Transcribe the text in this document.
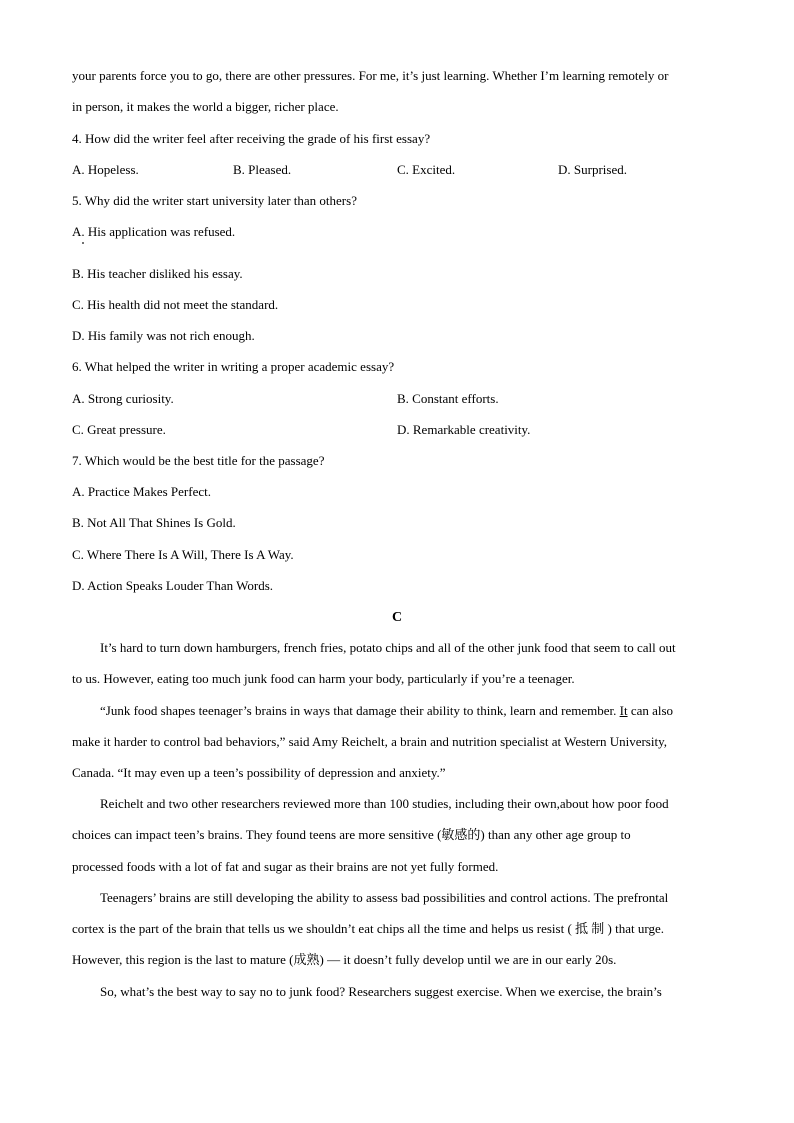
your parents force you to go, there are other pressures. For me, it’s just learning. Whether I’m learning remotely or
in person, it makes the world a bigger, richer place.
4. How did the writer feel after receiving the grade of his first essay?
A. Hopeless.	B. Pleased.	C. Excited.	D. Surprised.
5. Why did the writer start university later than others?
A. His application was refused.
B. His teacher disliked his essay.
C. His health did not meet the standard.
D. His family was not rich enough.
6. What helped the writer in writing a proper academic essay?
A. Strong curiosity.	B. Constant efforts.
C. Great pressure.	D. Remarkable creativity.
7. Which would be the best title for the passage?
A. Practice Makes Perfect.
B. Not All That Shines Is Gold.
C. Where There Is A Will, There Is A Way.
D. Action Speaks Louder Than Words.
C
It’s hard to turn down hamburgers, french fries, potato chips and all of the other junk food that seem to call out
to us. However, eating too much junk food can harm your body, particularly if you’re a teenager.
“Junk food shapes teenager’s brains in ways that damage their ability to think, learn and remember. It can also
make it harder to control bad behaviors,” said Amy Reichelt, a brain and nutrition specialist at Western University,
Canada. “It may even up a teen’s possibility of depression and anxiety.”
Reichelt and two other researchers reviewed more than 100 studies, including their own,about how poor food
choices can impact teen’s brains. They found teens are more sensitive (敏感的) than any other age group to
processed foods with a lot of fat and sugar as their brains are not yet fully formed.
Teenagers’ brains are still developing the ability to assess bad possibilities and control actions. The prefrontal
cortex is the part of the brain that tells us we shouldn’t eat chips all the time and helps us resist ( 抵 制 ) that urge.
However, this region is the last to mature (成熟) — it doesn’t fully develop until we are in our early 20s.
So, what’s the best way to say no to junk food? Researchers suggest exercise. When we exercise, the brain’s
